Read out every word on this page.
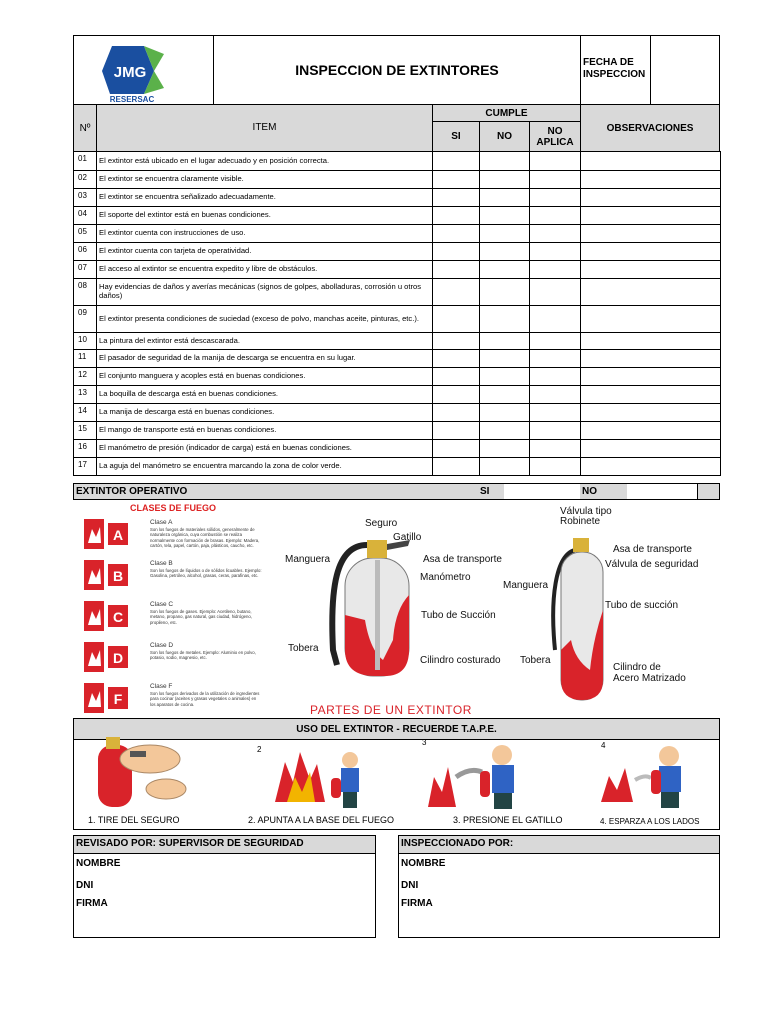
JMG
RESERSAC
INSPECCION DE EXTINTORES	FECHA DE INSPECCION
Nº	ITEM
CUMPLE
SI	NO	NO APLICA
OBSERVACIONES
01	El extintor está ubicado en el lugar adecuado y en posición correcta.				
02	El extintor se encuentra claramente visible.				
03	El extintor se encuentra señalizado adecuadamente.				
04	El soporte del extintor está en buenas condiciones.				
05	El extintor cuenta con instrucciones de uso.				
06	El extintor cuenta con tarjeta de operatividad.				
07	El acceso al extintor se encuentra expedito y libre de obstáculos.				
08	Hay evidencias de daños y averías mecánicas (signos de golpes, abolladuras, corrosión u otros daños)				
09	El extintor presenta condiciones de suciedad (exceso de polvo, manchas aceite, pinturas, etc.).				
10	La pintura del extintor está descascarada.				
11	El pasador de seguridad de la manija de descarga se encuentra en su lugar.				
12	El conjunto manguera y acoples está en buenas condiciones.				
13	La boquilla de descarga está en buenas condiciones.				
14	La manija de descarga está en buenas condiciones.				
15	El mango de transporte está en buenas condiciones.				
16	El manómetro de presión (indicador de carga) está en buenas condiciones.				
17	La aguja del manómetro se encuentra marcando la zona de color verde.				
EXTINTOR OPERATIVO	SI	NO
CLASES DE FUEGO
A
Clase A
Son los fuegos de materiales sólidos, generalmente de naturaleza orgánica, cuya combustión se realiza normalmente con formación de brasas. Ejemplo: Madera, cartón, tela, papel, cartón, paja, plásticos, caucho, etc.
B
Clase B
Son los fuegos de líquidos o de sólidos licuables. Ejemplo: Gasolina, petróleo, alcohol, grasas, ceras, parafinas, etc.
C
Clase C
Son los fuegos de gases. Ejemplo: Acetileno, butano, metano, propano, gas natural, gas ciudad, hidrógeno, propileno, etc.
D
Clase D
Son los fuegos de metales. Ejemplo: Aluminio en polvo, potasio, sodio, magnesio, etc.
F
Clase F
Son los fuegos derivados de la utilización de ingredientes para cocinar (aceites y grasas vegetales o animales) en los aparatos de cocina.
Seguro
Gatillo
Manguera	Asa de transporte
Manómetro
Tubo de Succión
Tobera
Cilindro costurado
Válvula tipo
Robinete
Asa de transporte
Válvula de seguridad
Manguera
Tubo de succión
Tobera
Cilindro de
Acero Matrizado
PARTES DE UN EXTINTOR
USO DEL EXTINTOR - RECUERDE T.A.P.E.
2
3	4
1. TIRE DEL SEGURO	2. APUNTA A LA BASE DEL FUEGO	3. PRESIONE EL GATILLO	4. ESPARZA A LOS LADOS
REVISADO POR: SUPERVISOR DE SEGURIDAD
NOMBRE
DNI
FIRMA
INSPECCIONADO POR:
NOMBRE
DNI
FIRMA
